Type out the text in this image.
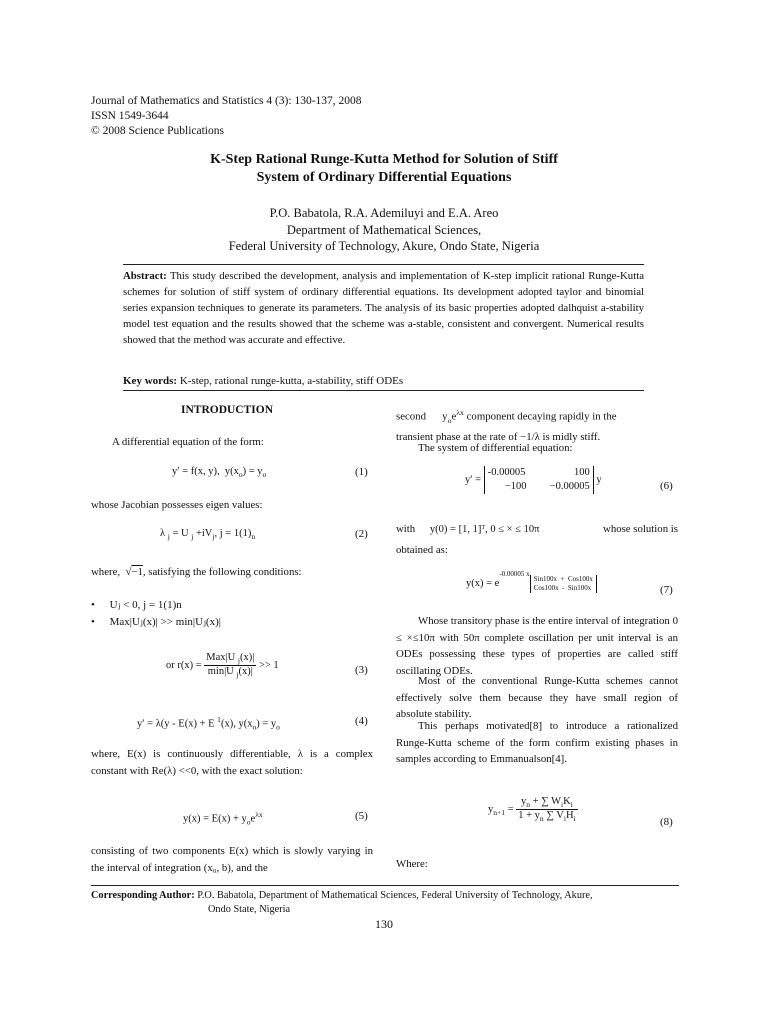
Journal of Mathematics and Statistics 4 (3): 130-137, 2008
ISSN 1549-3644
© 2008 Science Publications
K-Step Rational Runge-Kutta Method for Solution of Stiff
System of Ordinary Differential Equations
P.O. Babatola, R.A. Ademiluyi and E.A. Areo
Department of Mathematical Sciences,
Federal University of Technology, Akure, Ondo State, Nigeria
Abstract: This study described the development, analysis and implementation of K-step implicit rational Runge-Kutta schemes for solution of stiff system of ordinary differential equations. Its development adopted taylor and binomial series expansion techniques to generate its parameters. The analysis of its basic properties adopted dalhquist a-stability model test equation and the results showed that the scheme was a-stable, consistent and convergent. Numerical results showed that the method was accurate and effective.
Key words: K-step, rational runge-kutta, a-stability, stiff ODEs
INTRODUCTION
A differential equation of the form:
y′ = f(x, y),  $y(x_o) = y_o$	(1)
whose Jacobian possesses eigen values:
λ $_j$ = U $_j +iV_j$, $j = 1(1)_n$	(2)
where,  √−1, satisfying the following conditions:
• Uⱼ < 0, j = 1(1)n
• Max|Uⱼ(x)| >> min|Uⱼ(x)|
or $r(x) = \frac{Max|U _j(x)|}{\min|U _j(x)|} >> 1$	(3)
y′ = λ(y - E(x) + E $^1$(x), $y(x_o) = y_o$
(4)
where, E(x) is continuously differentiable, λ is a complex constant with Re(λ) <<0, with the exact solution:
$y(x) = E(x) + y_oe^{\lambda x}$	(5)
consisting of two components E(x) which is slowly varying in the interval of integration (x₀, b), and the
second      $y_oe^{\lambda x}$ component decaying rapidly in the
transient phase at the rate of −1/λ is midly stiff.
The system of differential equation:
y′ = -0.00005	100
−100 −0.00005 y
(6)
with y(0) = [1, 1]ᵀ, 0 ≤ × ≤ 10π	whose solution is
obtained as:
$y(x) = e^{-0.00005 x}Sin100x + Cos100x$
Cos100x  -  Sin100x	(7)
Whose transitory phase is the entire interval of integration 0 ≤ ×≤10π with 50π complete oscillation per unit interval is an ODEs possessing these types of properties are called stiff oscillating ODEs.
Most of the conventional Runge-Kutta schemes cannot effectively solve them because they have small region of absolute stability.
This perhaps motivated[8] to introduce a rationalized Runge-Kutta scheme of the form confirm existing phases in samples according to Emmanualson[4].
$y_{n+1} = \frac{y_n + \sum W_iK_i}{1 + y_n \sum V_iH_i}$	(8)
Where:
Corresponding Author: P.O. Babatola, Department of Mathematical Sciences, Federal University of Technology, Akure,
Ondo State, Nigeria
130
